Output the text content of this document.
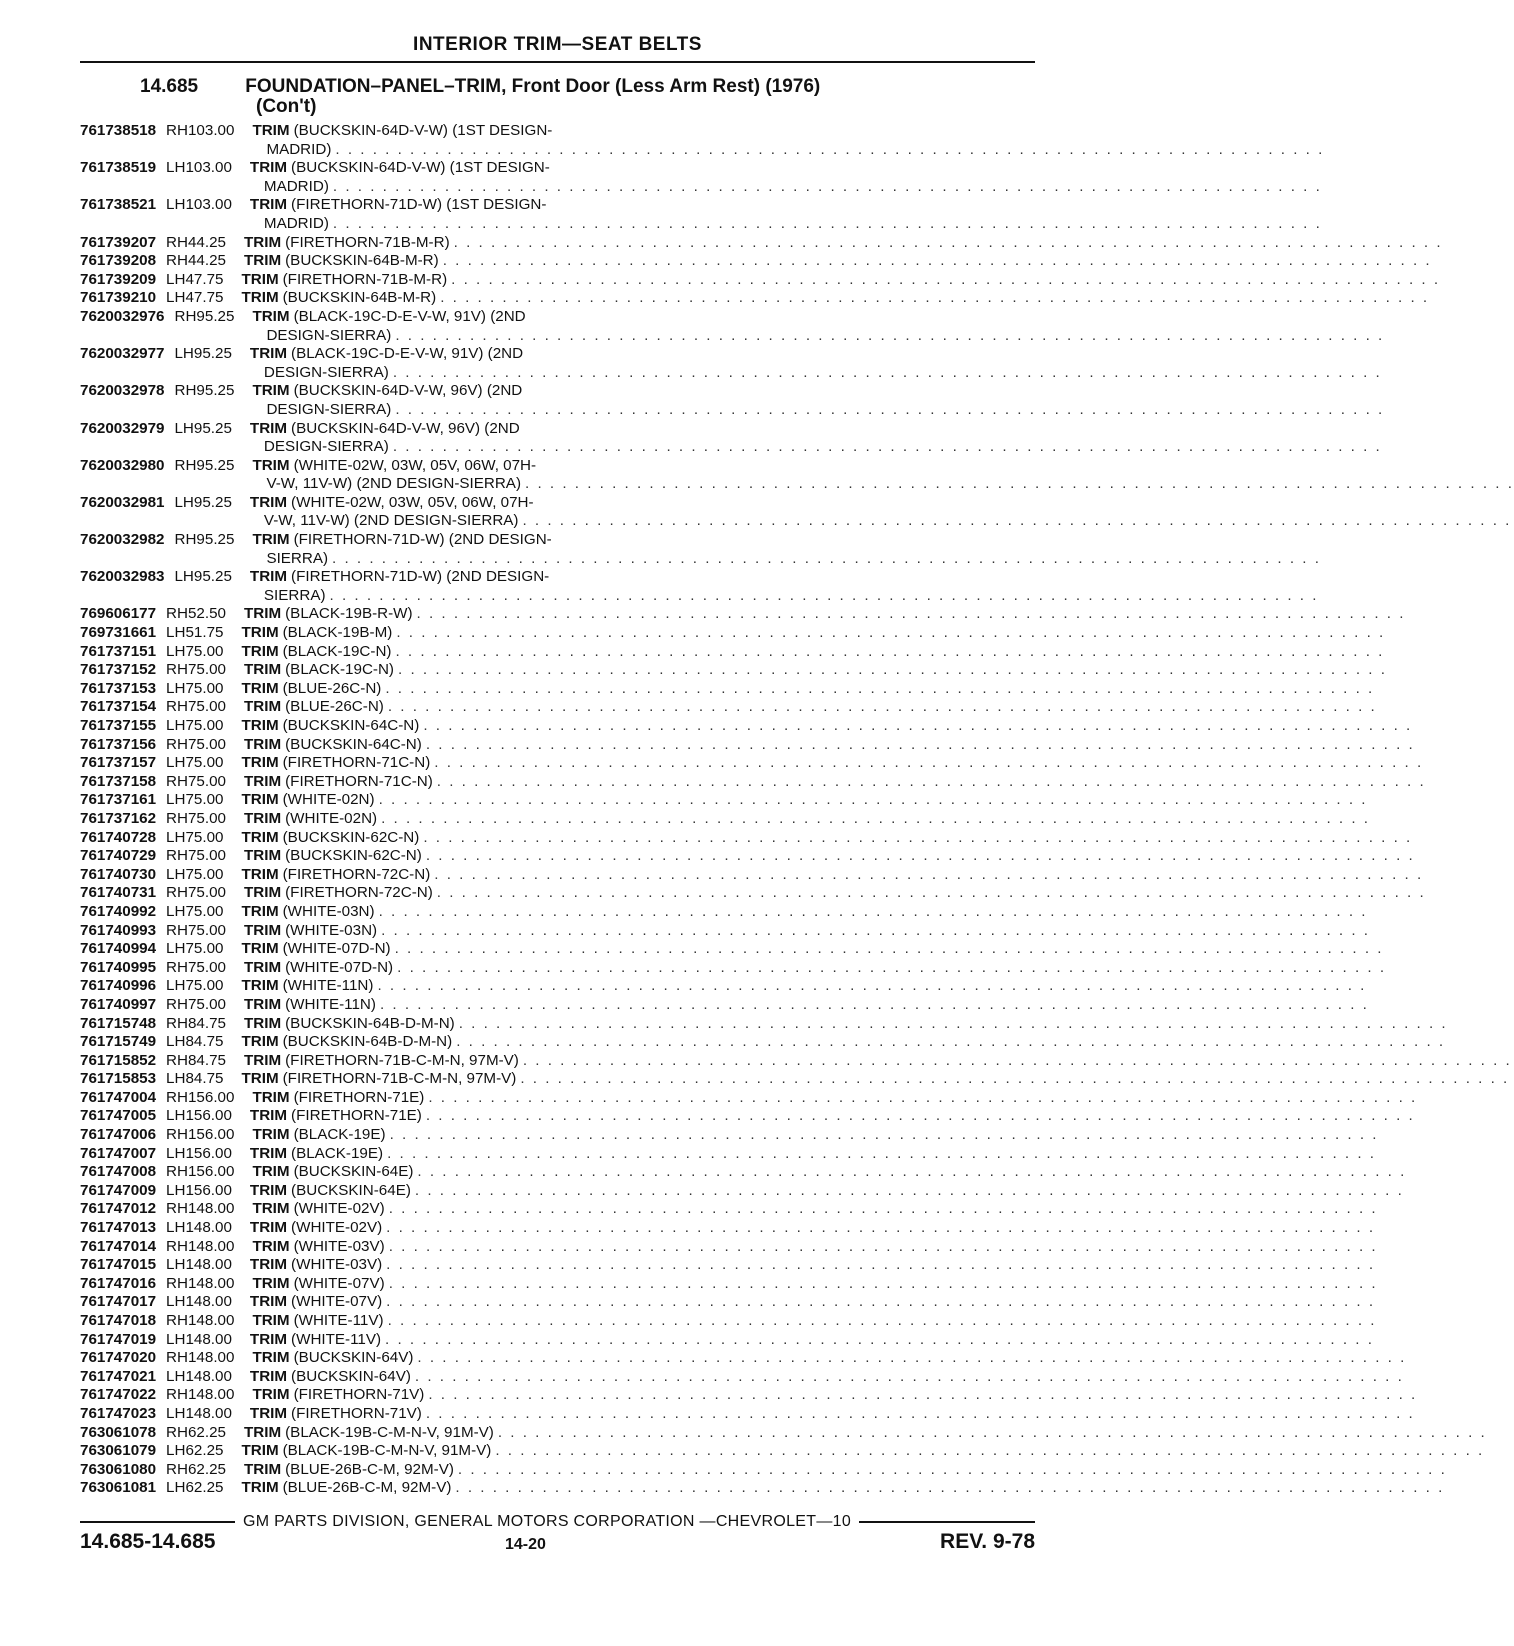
INTERIOR TRIM—SEAT BELTS
14.685 FOUNDATION–PANEL–TRIM, Front Door (Less Arm Rest) (1976)
(Con't)
76 1738518 RH 103.00	TRIM (BUCKSKIN-64D-V-W) (1ST DESIGN-
MADRID) . . . . . . . . . . . . . . . . . . . . . . . . . . . . . . . . . . . . . . . . . . . . . . . . . . . . . . . . . . . . . . . . . . . . . . . . . . . . . . . .
76 1738519 LH 103.00	TRIM (BUCKSKIN-64D-V-W) (1ST DESIGN-
MADRID) . . . . . . . . . . . . . . . . . . . . . . . . . . . . . . . . . . . . . . . . . . . . . . . . . . . . . . . . . . . . . . . . . . . . . . . . . . . . . . . .
76 1738521 LH 103.00	TRIM (FIRETHORN-71D-W) (1ST DESIGN-
MADRID) . . . . . . . . . . . . . . . . . . . . . . . . . . . . . . . . . . . . . . . . . . . . . . . . . . . . . . . . . . . . . . . . . . . . . . . . . . . . . . . .
76 1739207 RH 44.25	TRIM (FIRETHORN-71B-M-R) . . . . . . . . . . . . . . . . . . . . . . . . . . . . . . . . . . . . . . . . . . . . . . . . . . . . . . . . . . . . . . . . . . . . . . . . . . . . . . . .
76 1739208 RH 44.25	TRIM (BUCKSKIN-64B-M-R) . . . . . . . . . . . . . . . . . . . . . . . . . . . . . . . . . . . . . . . . . . . . . . . . . . . . . . . . . . . . . . . . . . . . . . . . . . . . . . . .
76 1739209 LH 47.75	TRIM (FIRETHORN-71B-M-R) . . . . . . . . . . . . . . . . . . . . . . . . . . . . . . . . . . . . . . . . . . . . . . . . . . . . . . . . . . . . . . . . . . . . . . . . . . . . . . . .
76 1739210 LH 47.75	TRIM (BUCKSKIN-64B-M-R) . . . . . . . . . . . . . . . . . . . . . . . . . . . . . . . . . . . . . . . . . . . . . . . . . . . . . . . . . . . . . . . . . . . . . . . . . . . . . . . .
76 20032976 RH 95.25	TRIM (BLACK-19C-D-E-V-W, 91V) (2ND
DESIGN-SIERRA) . . . . . . . . . . . . . . . . . . . . . . . . . . . . . . . . . . . . . . . . . . . . . . . . . . . . . . . . . . . . . . . . . . . . . . . . . . . . . . . .
76 20032977 LH 95.25	TRIM (BLACK-19C-D-E-V-W, 91V) (2ND
DESIGN-SIERRA) . . . . . . . . . . . . . . . . . . . . . . . . . . . . . . . . . . . . . . . . . . . . . . . . . . . . . . . . . . . . . . . . . . . . . . . . . . . . . . . .
76 20032978 RH 95.25	TRIM (BUCKSKIN-64D-V-W, 96V) (2ND
DESIGN-SIERRA) . . . . . . . . . . . . . . . . . . . . . . . . . . . . . . . . . . . . . . . . . . . . . . . . . . . . . . . . . . . . . . . . . . . . . . . . . . . . . . . .
76 20032979 LH 95.25	TRIM (BUCKSKIN-64D-V-W, 96V) (2ND
DESIGN-SIERRA) . . . . . . . . . . . . . . . . . . . . . . . . . . . . . . . . . . . . . . . . . . . . . . . . . . . . . . . . . . . . . . . . . . . . . . . . . . . . . . . .
76 20032980 RH 95.25	TRIM (WHITE-02W, 03W, 05V, 06W, 07H-
V-W, 11V-W) (2ND DESIGN-SIERRA) . . . . . . . . . . . . . . . . . . . . . . . . . . . . . . . . . . . . . . . . . . . . . . . . . . . . . . . . . . . . . . . . . . . . . . . . . . . . . . . .
76 20032981 LH 95.25	TRIM (WHITE-02W, 03W, 05V, 06W, 07H-
V-W, 11V-W) (2ND DESIGN-SIERRA) . . . . . . . . . . . . . . . . . . . . . . . . . . . . . . . . . . . . . . . . . . . . . . . . . . . . . . . . . . . . . . . . . . . . . . . . . . . . . . . .
76 20032982 RH 95.25	TRIM (FIRETHORN-71D-W) (2ND DESIGN-
SIERRA) . . . . . . . . . . . . . . . . . . . . . . . . . . . . . . . . . . . . . . . . . . . . . . . . . . . . . . . . . . . . . . . . . . . . . . . . . . . . . . . .
76 20032983 LH 95.25	TRIM (FIRETHORN-71D-W) (2ND DESIGN-
SIERRA) . . . . . . . . . . . . . . . . . . . . . . . . . . . . . . . . . . . . . . . . . . . . . . . . . . . . . . . . . . . . . . . . . . . . . . . . . . . . . . . .
76 9606177 RH 52.50	TRIM (BLACK-19B-R-W) . . . . . . . . . . . . . . . . . . . . . . . . . . . . . . . . . . . . . . . . . . . . . . . . . . . . . . . . . . . . . . . . . . . . . . . . . . . . . . . .
76 9731661 LH 51.75	TRIM (BLACK-19B-M) . . . . . . . . . . . . . . . . . . . . . . . . . . . . . . . . . . . . . . . . . . . . . . . . . . . . . . . . . . . . . . . . . . . . . . . . . . . . . . . .
76 1737151 LH 75.00	TRIM (BLACK-19C-N) . . . . . . . . . . . . . . . . . . . . . . . . . . . . . . . . . . . . . . . . . . . . . . . . . . . . . . . . . . . . . . . . . . . . . . . . . . . . . . . .
76 1737152 RH 75.00	TRIM (BLACK-19C-N) . . . . . . . . . . . . . . . . . . . . . . . . . . . . . . . . . . . . . . . . . . . . . . . . . . . . . . . . . . . . . . . . . . . . . . . . . . . . . . . .
76 1737153 LH 75.00	TRIM (BLUE-26C-N) . . . . . . . . . . . . . . . . . . . . . . . . . . . . . . . . . . . . . . . . . . . . . . . . . . . . . . . . . . . . . . . . . . . . . . . . . . . . . . . .
76 1737154 RH 75.00	TRIM (BLUE-26C-N) . . . . . . . . . . . . . . . . . . . . . . . . . . . . . . . . . . . . . . . . . . . . . . . . . . . . . . . . . . . . . . . . . . . . . . . . . . . . . . . .
76 1737155 LH 75.00	TRIM (BUCKSKIN-64C-N) . . . . . . . . . . . . . . . . . . . . . . . . . . . . . . . . . . . . . . . . . . . . . . . . . . . . . . . . . . . . . . . . . . . . . . . . . . . . . . . .
76 1737156 RH 75.00	TRIM (BUCKSKIN-64C-N) . . . . . . . . . . . . . . . . . . . . . . . . . . . . . . . . . . . . . . . . . . . . . . . . . . . . . . . . . . . . . . . . . . . . . . . . . . . . . . . .
76 1737157 LH 75.00	TRIM (FIRETHORN-71C-N) . . . . . . . . . . . . . . . . . . . . . . . . . . . . . . . . . . . . . . . . . . . . . . . . . . . . . . . . . . . . . . . . . . . . . . . . . . . . . . . .
76 1737158 RH 75.00	TRIM (FIRETHORN-71C-N) . . . . . . . . . . . . . . . . . . . . . . . . . . . . . . . . . . . . . . . . . . . . . . . . . . . . . . . . . . . . . . . . . . . . . . . . . . . . . . . .
76 1737161 LH 75.00	TRIM (WHITE-02N) . . . . . . . . . . . . . . . . . . . . . . . . . . . . . . . . . . . . . . . . . . . . . . . . . . . . . . . . . . . . . . . . . . . . . . . . . . . . . . . .
76 1737162 RH 75.00	TRIM (WHITE-02N) . . . . . . . . . . . . . . . . . . . . . . . . . . . . . . . . . . . . . . . . . . . . . . . . . . . . . . . . . . . . . . . . . . . . . . . . . . . . . . . .
76 1740728 LH 75.00	TRIM (BUCKSKIN-62C-N) . . . . . . . . . . . . . . . . . . . . . . . . . . . . . . . . . . . . . . . . . . . . . . . . . . . . . . . . . . . . . . . . . . . . . . . . . . . . . . . .
76 1740729 RH 75.00	TRIM (BUCKSKIN-62C-N) . . . . . . . . . . . . . . . . . . . . . . . . . . . . . . . . . . . . . . . . . . . . . . . . . . . . . . . . . . . . . . . . . . . . . . . . . . . . . . . .
76 1740730 LH 75.00	TRIM (FIRETHORN-72C-N) . . . . . . . . . . . . . . . . . . . . . . . . . . . . . . . . . . . . . . . . . . . . . . . . . . . . . . . . . . . . . . . . . . . . . . . . . . . . . . . .
76 1740731 RH 75.00	TRIM (FIRETHORN-72C-N) . . . . . . . . . . . . . . . . . . . . . . . . . . . . . . . . . . . . . . . . . . . . . . . . . . . . . . . . . . . . . . . . . . . . . . . . . . . . . . . .
76 1740992 LH 75.00	TRIM (WHITE-03N) . . . . . . . . . . . . . . . . . . . . . . . . . . . . . . . . . . . . . . . . . . . . . . . . . . . . . . . . . . . . . . . . . . . . . . . . . . . . . . . .
76 1740993 RH 75.00	TRIM (WHITE-03N) . . . . . . . . . . . . . . . . . . . . . . . . . . . . . . . . . . . . . . . . . . . . . . . . . . . . . . . . . . . . . . . . . . . . . . . . . . . . . . . .
76 1740994 LH 75.00	TRIM (WHITE-07D-N) . . . . . . . . . . . . . . . . . . . . . . . . . . . . . . . . . . . . . . . . . . . . . . . . . . . . . . . . . . . . . . . . . . . . . . . . . . . . . . . .
76 1740995 RH 75.00	TRIM (WHITE-07D-N) . . . . . . . . . . . . . . . . . . . . . . . . . . . . . . . . . . . . . . . . . . . . . . . . . . . . . . . . . . . . . . . . . . . . . . . . . . . . . . . .
76 1740996 LH 75.00	TRIM (WHITE-11N) . . . . . . . . . . . . . . . . . . . . . . . . . . . . . . . . . . . . . . . . . . . . . . . . . . . . . . . . . . . . . . . . . . . . . . . . . . . . . . . .
76 1740997 RH 75.00	TRIM (WHITE-11N) . . . . . . . . . . . . . . . . . . . . . . . . . . . . . . . . . . . . . . . . . . . . . . . . . . . . . . . . . . . . . . . . . . . . . . . . . . . . . . . .
76 1715748 RH 84.75	TRIM (BUCKSKIN-64B-D-M-N) . . . . . . . . . . . . . . . . . . . . . . . . . . . . . . . . . . . . . . . . . . . . . . . . . . . . . . . . . . . . . . . . . . . . . . . . . . . . . . . .
76 1715749 LH 84.75	TRIM (BUCKSKIN-64B-D-M-N) . . . . . . . . . . . . . . . . . . . . . . . . . . . . . . . . . . . . . . . . . . . . . . . . . . . . . . . . . . . . . . . . . . . . . . . . . . . . . . . .
76 1715852 RH 84.75	TRIM (FIRETHORN-71B-C-M-N, 97M-V) . . . . . . . . . . . . . . . . . . . . . . . . . . . . . . . . . . . . . . . . . . . . . . . . . . . . . . . . . . . . . . . . . . . . . . . . . . . . . . . .
76 1715853 LH 84.75	TRIM (FIRETHORN-71B-C-M-N, 97M-V) . . . . . . . . . . . . . . . . . . . . . . . . . . . . . . . . . . . . . . . . . . . . . . . . . . . . . . . . . . . . . . . . . . . . . . . . . . . . . . . .
76 1747004 RH 156.00	TRIM (FIRETHORN-71E) . . . . . . . . . . . . . . . . . . . . . . . . . . . . . . . . . . . . . . . . . . . . . . . . . . . . . . . . . . . . . . . . . . . . . . . . . . . . . . . .
76 1747005 LH 156.00	TRIM (FIRETHORN-71E) . . . . . . . . . . . . . . . . . . . . . . . . . . . . . . . . . . . . . . . . . . . . . . . . . . . . . . . . . . . . . . . . . . . . . . . . . . . . . . . .
76 1747006 RH 156.00	TRIM (BLACK-19E) . . . . . . . . . . . . . . . . . . . . . . . . . . . . . . . . . . . . . . . . . . . . . . . . . . . . . . . . . . . . . . . . . . . . . . . . . . . . . . . .
76 1747007 LH 156.00	TRIM (BLACK-19E) . . . . . . . . . . . . . . . . . . . . . . . . . . . . . . . . . . . . . . . . . . . . . . . . . . . . . . . . . . . . . . . . . . . . . . . . . . . . . . . .
76 1747008 RH 156.00	TRIM (BUCKSKIN-64E) . . . . . . . . . . . . . . . . . . . . . . . . . . . . . . . . . . . . . . . . . . . . . . . . . . . . . . . . . . . . . . . . . . . . . . . . . . . . . . . .
76 1747009 LH 156.00	TRIM (BUCKSKIN-64E) . . . . . . . . . . . . . . . . . . . . . . . . . . . . . . . . . . . . . . . . . . . . . . . . . . . . . . . . . . . . . . . . . . . . . . . . . . . . . . . .
76 1747012 RH 148.00	TRIM (WHITE-02V) . . . . . . . . . . . . . . . . . . . . . . . . . . . . . . . . . . . . . . . . . . . . . . . . . . . . . . . . . . . . . . . . . . . . . . . . . . . . . . . .
76 1747013 LH 148.00	TRIM (WHITE-02V) . . . . . . . . . . . . . . . . . . . . . . . . . . . . . . . . . . . . . . . . . . . . . . . . . . . . . . . . . . . . . . . . . . . . . . . . . . . . . . . .
76 1747014 RH 148.00	TRIM (WHITE-03V) . . . . . . . . . . . . . . . . . . . . . . . . . . . . . . . . . . . . . . . . . . . . . . . . . . . . . . . . . . . . . . . . . . . . . . . . . . . . . . . .
76 1747015 LH 148.00	TRIM (WHITE-03V) . . . . . . . . . . . . . . . . . . . . . . . . . . . . . . . . . . . . . . . . . . . . . . . . . . . . . . . . . . . . . . . . . . . . . . . . . . . . . . . .
76 1747016 RH 148.00	TRIM (WHITE-07V) . . . . . . . . . . . . . . . . . . . . . . . . . . . . . . . . . . . . . . . . . . . . . . . . . . . . . . . . . . . . . . . . . . . . . . . . . . . . . . . .
76 1747017 LH 148.00	TRIM (WHITE-07V) . . . . . . . . . . . . . . . . . . . . . . . . . . . . . . . . . . . . . . . . . . . . . . . . . . . . . . . . . . . . . . . . . . . . . . . . . . . . . . . .
76 1747018 RH 148.00	TRIM (WHITE-11V) . . . . . . . . . . . . . . . . . . . . . . . . . . . . . . . . . . . . . . . . . . . . . . . . . . . . . . . . . . . . . . . . . . . . . . . . . . . . . . . .
76 1747019 LH 148.00	TRIM (WHITE-11V) . . . . . . . . . . . . . . . . . . . . . . . . . . . . . . . . . . . . . . . . . . . . . . . . . . . . . . . . . . . . . . . . . . . . . . . . . . . . . . . .
76 1747020 RH 148.00	TRIM (BUCKSKIN-64V) . . . . . . . . . . . . . . . . . . . . . . . . . . . . . . . . . . . . . . . . . . . . . . . . . . . . . . . . . . . . . . . . . . . . . . . . . . . . . . . .
76 1747021 LH 148.00	TRIM (BUCKSKIN-64V) . . . . . . . . . . . . . . . . . . . . . . . . . . . . . . . . . . . . . . . . . . . . . . . . . . . . . . . . . . . . . . . . . . . . . . . . . . . . . . . .
76 1747022 RH 148.00	TRIM (FIRETHORN-71V) . . . . . . . . . . . . . . . . . . . . . . . . . . . . . . . . . . . . . . . . . . . . . . . . . . . . . . . . . . . . . . . . . . . . . . . . . . . . . . . .
76 1747023 LH 148.00	TRIM (FIRETHORN-71V) . . . . . . . . . . . . . . . . . . . . . . . . . . . . . . . . . . . . . . . . . . . . . . . . . . . . . . . . . . . . . . . . . . . . . . . . . . . . . . . .
76 3061078 RH 62.25	TRIM (BLACK-19B-C-M-N-V, 91M-V) . . . . . . . . . . . . . . . . . . . . . . . . . . . . . . . . . . . . . . . . . . . . . . . . . . . . . . . . . . . . . . . . . . . . . . . . . . . . . . . .
76 3061079 LH 62.25	TRIM (BLACK-19B-C-M-N-V, 91M-V) . . . . . . . . . . . . . . . . . . . . . . . . . . . . . . . . . . . . . . . . . . . . . . . . . . . . . . . . . . . . . . . . . . . . . . . . . . . . . . . .
76 3061080 RH 62.25	TRIM (BLUE-26B-C-M, 92M-V) . . . . . . . . . . . . . . . . . . . . . . . . . . . . . . . . . . . . . . . . . . . . . . . . . . . . . . . . . . . . . . . . . . . . . . . . . . . . . . . .
76 3061081 LH 62.25	TRIM (BLUE-26B-C-M, 92M-V) . . . . . . . . . . . . . . . . . . . . . . . . . . . . . . . . . . . . . . . . . . . . . . . . . . . . . . . . . . . . . . . . . . . . . . . . . . . . . . . .
GM PARTS DIVISION, GENERAL MOTORS CORPORATION —CHEVROLET—10
14.685-14.685	14-20	REV. 9-78
